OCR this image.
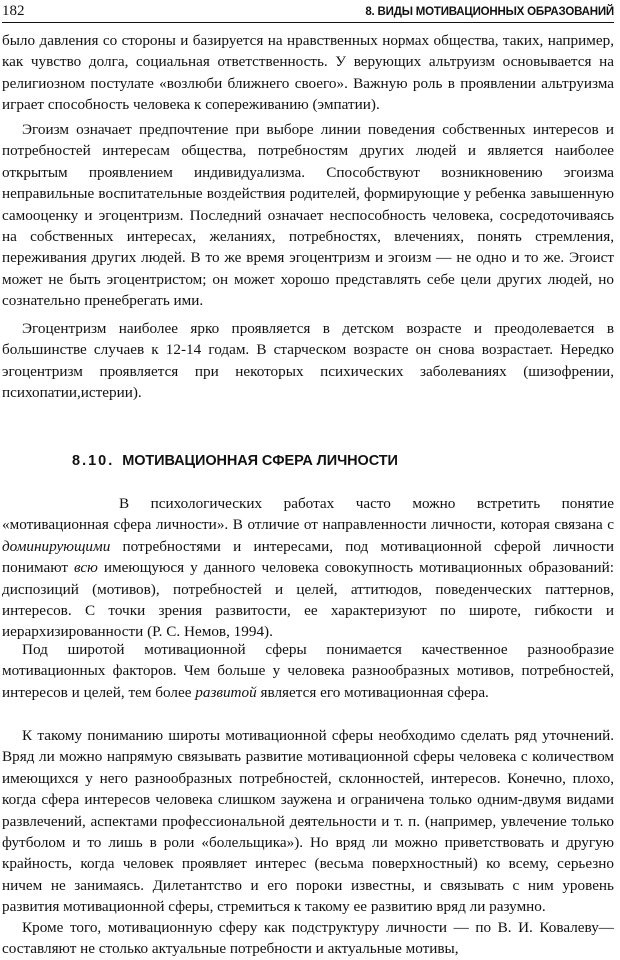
182	8. ВИДЫ МОТИВАЦИОННЫХ ОБРАЗОВАНИЙ

было давления со стороны и базируется на нравственных нормах общества, таких, например, как чувство долга, социальная ответственность. У верующих альтруизм основывается на религиозном постулате «возлюби ближнего своего». Важную роль в проявлении альтруизма играет способность человека к сопереживанию (эмпатии).

Эгоизм означает предпочтение при выборе линии поведения собственных интересов и потребностей интересам общества, потребностям других людей и является наиболее открытым проявлением индивидуализма. Способствуют возникновению эгоизма неправильные воспитательные воздействия родителей, формирующие у ребенка завышенную самооценку и эгоцентризм. Последний означает неспособность человека, сосредоточиваясь на собственных интересах, желаниях, потребностях, влечениях, понять стремления, переживания других людей. В то же время эгоцентризм и эгоизм — не одно и то же. Эгоист может не быть эгоцентристом; он может хорошо представлять себе цели других людей, но сознательно пренебрегать ими.

Эгоцентризм наиболее ярко проявляется в детском возрасте и преодолевается в большинстве случаев к 12-14 годам. В старческом возрасте он снова возрастает. Нередко эгоцентризм проявляется при некоторых психических заболеваниях (шизофрении, психопатии,истерии).

8.10. МОТИВАЦИОННАЯ СФЕРА ЛИЧНОСТИ

В психологических работах часто можно встретить понятие «мотивационная сфера личности». В отличие от направленности личности, которая связана с доминирующими потребностями и интересами, под мотивационной сферой личности понимают всю имеющуюся у данного человека совокупность мотивационных образований: диспозиций (мотивов), потребностей и целей, аттитюдов, поведенческих паттернов, интересов. С точки зрения развитости, ее характеризуют по широте, гибкости и иерархизированности (Р. С. Немов, 1994).

Под широтой мотивационной сферы понимается качественное разнообразие мотивационных факторов. Чем больше у человека разнообразных мотивов, потребностей, интересов и целей, тем более развитой является его мотивационная сфера.

К такому пониманию широты мотивационной сферы необходимо сделать ряд уточнений. Вряд ли можно напрямую связывать развитие мотивационной сферы человека с количеством имеющихся у него разнообразных потребностей, склонностей, интересов. Конечно, плохо, когда сфера интересов человека слишком заужена и ограничена только одним-двумя видами развлечений, аспектами профессиональной деятельности и т. п. (например, увлечение только футболом и то лишь в роли «болельщика»). Но вряд ли можно приветствовать и другую крайность, когда человек проявляет интерес (весьма поверхностный) ко всему, серьезно ничем не занимаясь. Дилетантство и его пороки известны, и связывать с ним уровень развития мотивационной сферы, стремиться к такому ее развитию вряд ли разумно.

Кроме того, мотивационную сферу как подструктуру личности — по В. И. Ковалеву— составляют не столько актуальные потребности и актуальные мотивы,
